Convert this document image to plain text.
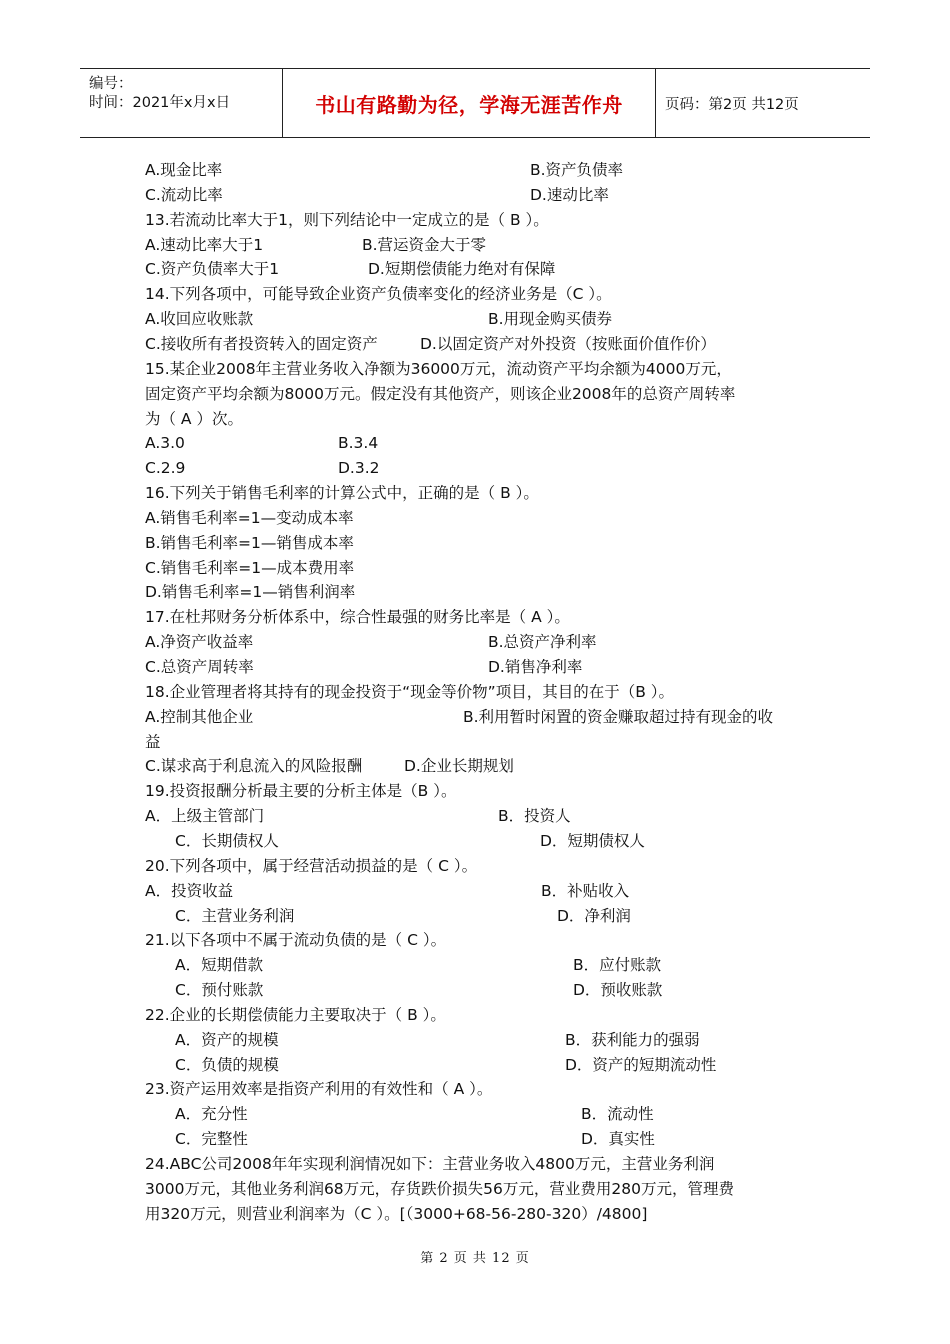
编号：
时间：2021年x月x日	书山有路勤为径，学海无涯苦作舟	页码：第2页 共12页
A.现金比率	B.资产负债率
C.流动比率	D.速动比率
13.若流动比率大于1，则下列结论中一定成立的是（ B ）。
A.速动比率大于1	B.营运资金大于零
C.资产负债率大于1	D.短期偿债能力绝对有保障
14.下列各项中，可能导致企业资产负债率变化的经济业务是（C ）。
A.收回应收账款	B.用现金购买债券
C.接收所有者投资转入的固定资产	D.以固定资产对外投资（按账面价值作价）
15.某企业2008年主营业务收入净额为36000万元，流动资产平均余额为4000万元，
固定资产平均余额为8000万元。假定没有其他资产，则该企业2008年的总资产周转率
为（ A ）次。
A.3.0	B.3.4
C.2.9	D.3.2
16.下列关于销售毛利率的计算公式中，正确的是（ B ）。
A.销售毛利率=1—变动成本率
B.销售毛利率=1—销售成本率
C.销售毛利率=1—成本费用率
D.销售毛利率=1—销售利润率
17.在杜邦财务分析体系中，综合性最强的财务比率是（ A ）。
A.净资产收益率	B.总资产净利率
C.总资产周转率	D.销售净利率
18.企业管理者将其持有的现金投资于“现金等价物”项目，其目的在于（B ）。
A.控制其他企业	B.利用暂时闲置的资金赚取超过持有现金的收
益
C.谋求高于利息流入的风险报酬	D.企业长期规划
19.投资报酬分析最主要的分析主体是（B ）。
A．上级主管部门	B．投资人
C．长期债权人	D．短期债权人
20.下列各项中，属于经营活动损益的是（ C ）。
A．投资收益	B．补贴收入
C．主营业务利润	D．净利润
21.以下各项中不属于流动负债的是（ C ）。
A．短期借款	B．应付账款
C．预付账款	D．预收账款
22.企业的长期偿债能力主要取决于（ B ）。
A．资产的规模	B．获利能力的强弱
C．负债的规模	D．资产的短期流动性
23.资产运用效率是指资产利用的有效性和（ A ）。
A．充分性	B．流动性
C．完整性	D．真实性
24.ABC公司2008年年实现利润情况如下：主营业务收入4800万元，主营业务利润
3000万元，其他业务利润68万元，存货跌价损失56万元，营业费用280万元，管理费
用320万元，则营业利润率为（C ）。[（3000+68-56-280-320）/4800]
第 2 页 共 12 页
